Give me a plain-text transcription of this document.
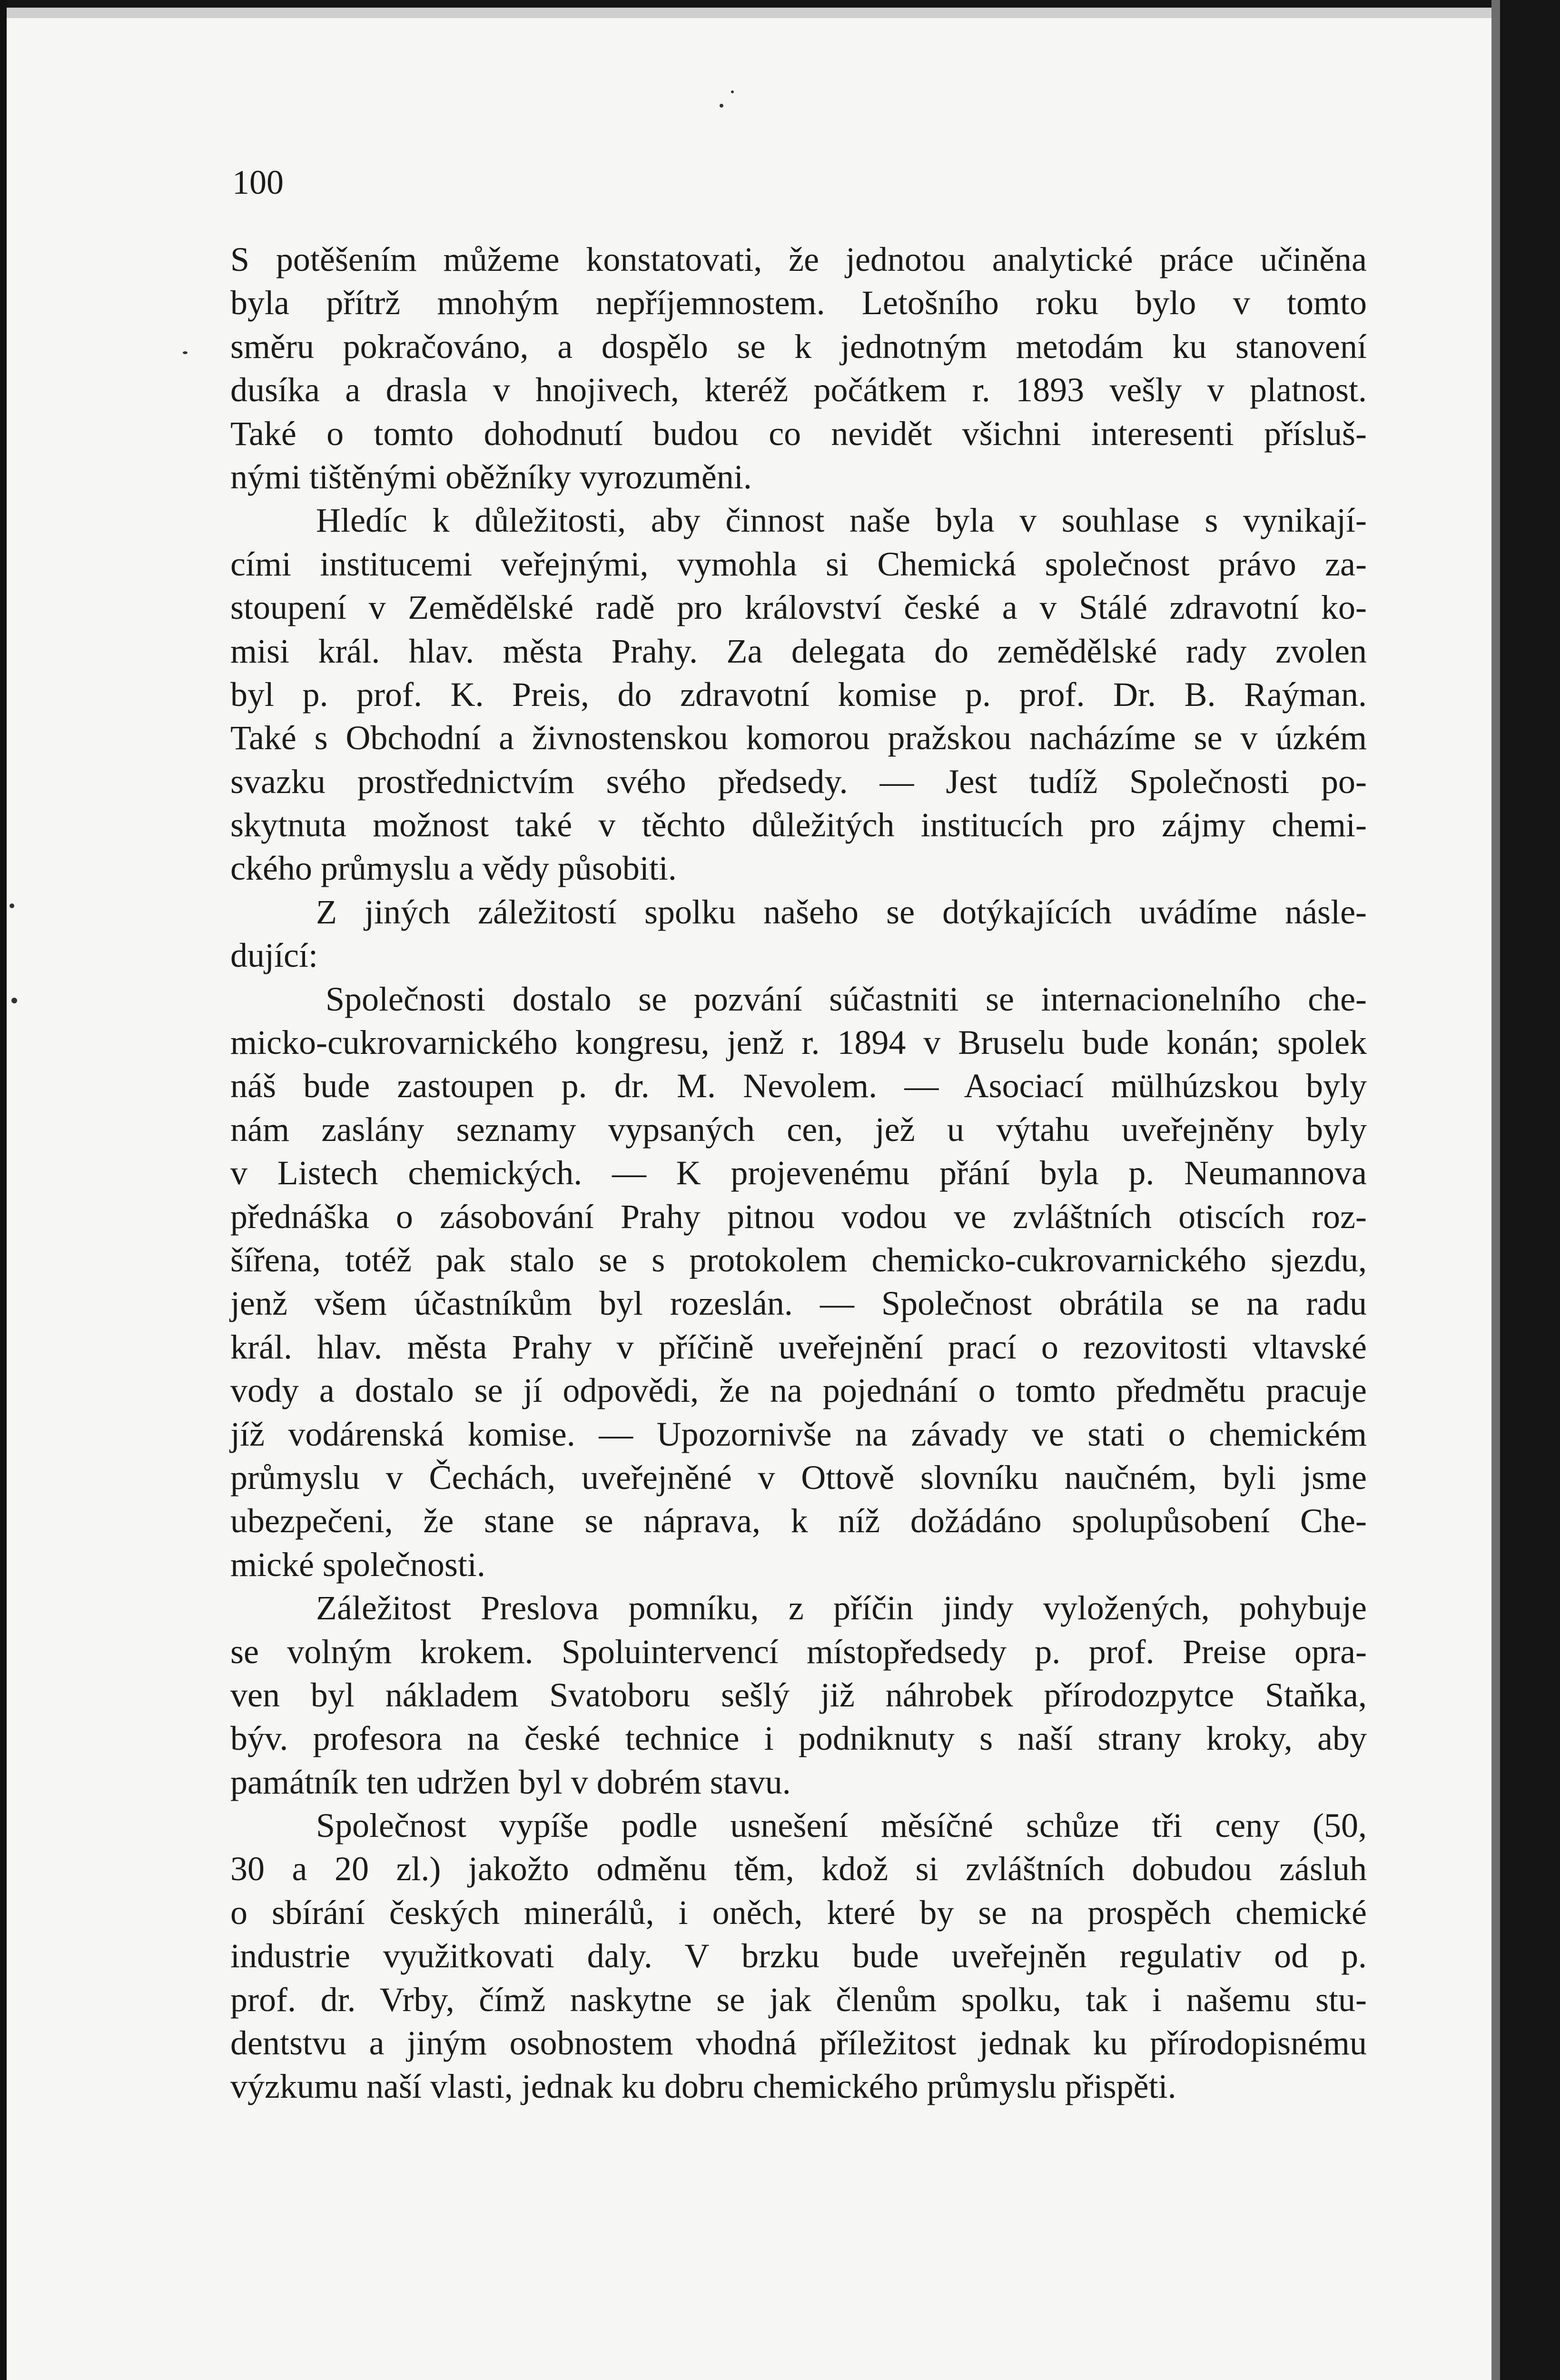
100
S potěšením můžeme konstatovati, že jednotou analytické práce učiněna
byla přítrž mnohým nepříjemnostem. Letošního roku bylo v tomto
směru pokračováno, a dospělo se k jednotným metodám ku stanovení
dusíka a drasla v hnojivech, kteréž počátkem r. 1893 vešly v platnost.
Také o tomto dohodnutí budou co nevidět všichni interesenti přísluš-
nými tištěnými oběžníky vyrozuměni.
Hledíc k důležitosti, aby činnost naše byla v souhlase s vynikají-
cími institucemi veřejnými, vymohla si Chemická společnost právo za-
stoupení v Zemědělské radě pro království české a v Stálé zdravotní ko-
misi král. hlav. města Prahy. Za delegata do zemědělské rady zvolen
byl p. prof. K. Preis, do zdravotní komise p. prof. Dr. B. Raýman.
Také s Obchodní a živnostenskou komorou pražskou nacházíme se v úzkém
svazku prostřednictvím svého předsedy. — Jest tudíž Společnosti po-
skytnuta možnost také v těchto důležitých institucích pro zájmy chemi-
ckého průmyslu a vědy působiti.
Z jiných záležitostí spolku našeho se dotýkajících uvádíme násle-
dující:
Společnosti dostalo se pozvání súčastniti se internacionelního che-
micko-cukrovarnického kongresu, jenž r. 1894 v Bruselu bude konán; spolek
náš bude zastoupen p. dr. M. Nevolem. — Asociací mülhúzskou byly
nám zaslány seznamy vypsaných cen, jež u výtahu uveřejněny byly
v Listech chemických. — K projevenému přání byla p. Neumannova
přednáška o zásobování Prahy pitnou vodou ve zvláštních otiscích roz-
šířena, totéž pak stalo se s protokolem chemicko-cukrovarnického sjezdu,
jenž všem účastníkům byl rozeslán. — Společnost obrátila se na radu
král. hlav. města Prahy v příčině uveřejnění prací o rezovitosti vltavské
vody a dostalo se jí odpovědi, že na pojednání o tomto předmětu pracuje
jíž vodárenská komise. — Upozornivše na závady ve stati o chemickém
průmyslu v Čechách, uveřejněné v Ottově slovníku naučném, byli jsme
ubezpečeni, že stane se náprava, k níž dožádáno spolupůsobení Che-
mické společnosti.
Záležitost Preslova pomníku, z příčin jindy vyložených, pohybuje
se volným krokem. Spoluintervencí místopředsedy p. prof. Preise opra-
ven byl nákladem Svatoboru sešlý již náhrobek přírodozpytce Staňka,
býv. profesora na české technice i podniknuty s naší strany kroky, aby
památník ten udržen byl v dobrém stavu.
Společnost vypíše podle usnešení měsíčné schůze tři ceny (50,
30 a 20 zl.) jakožto odměnu těm, kdož si zvláštních dobudou zásluh
o sbírání českých minerálů, i oněch, které by se na prospěch chemické
industrie využitkovati daly. V brzku bude uveřejněn regulativ od p.
prof. dr. Vrby, čímž naskytne se jak členům spolku, tak i našemu stu-
dentstvu a jiným osobnostem vhodná příležitost jednak ku přírodopisnému
výzkumu naší vlasti, jednak ku dobru chemického průmyslu přispěti.
